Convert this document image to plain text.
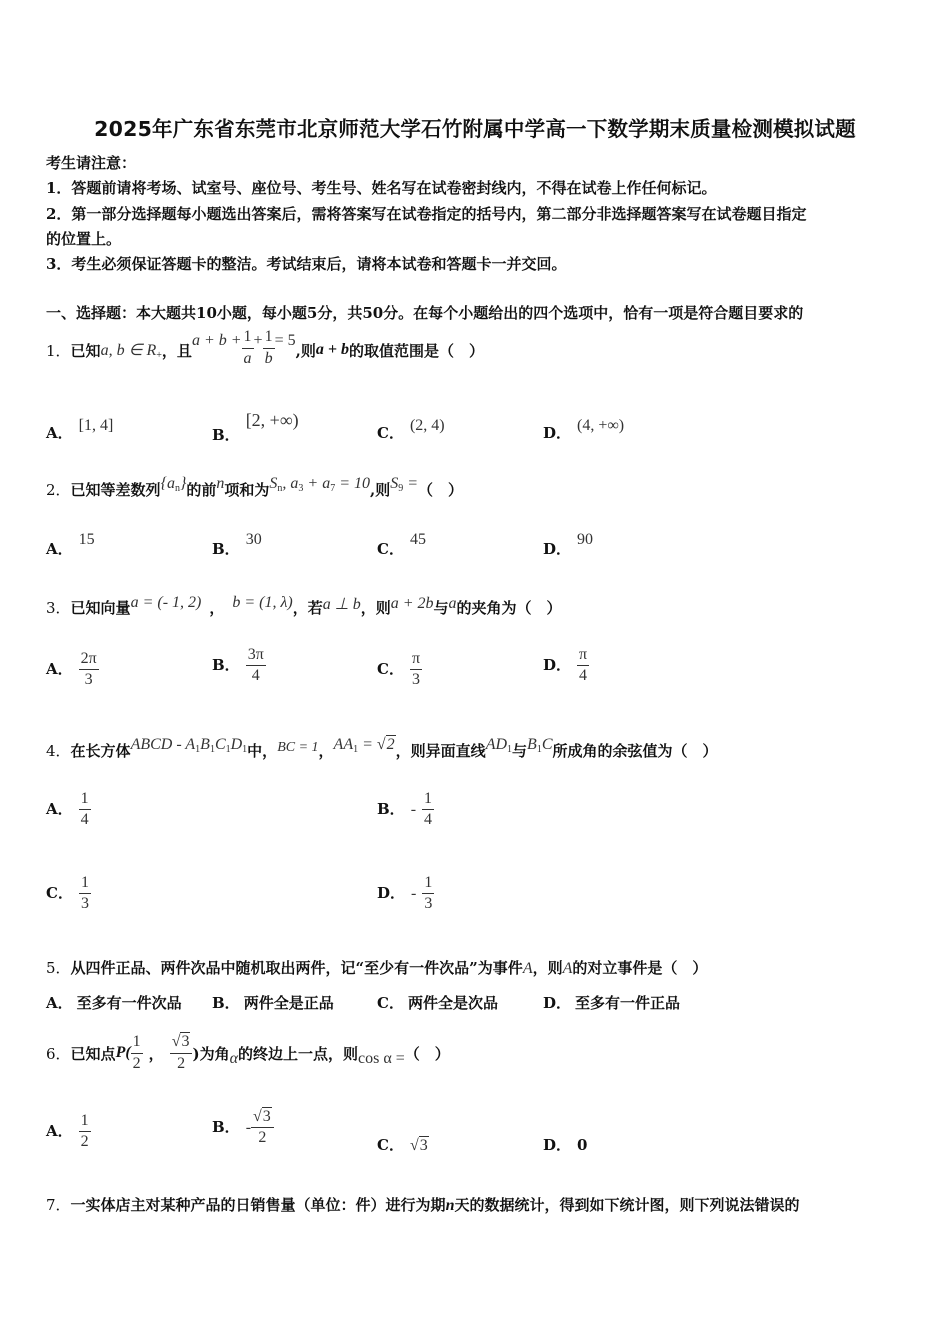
2025年广东省东莞市北京师范大学石竹附属中学高一下数学期末质量检测模拟试题
考生请注意：
1．答题前请将考场、试室号、座位号、考生号、姓名写在试卷密封线内，不得在试卷上作任何标记。
2．第一部分选择题每小题选出答案后，需将答案写在试卷指定的括号内，第二部分非选择题答案写在试卷题目指定
的位置上。
3．考生必须保证答题卡的整洁。考试结束后，请将本试卷和答题卡一并交回。
一、选择题：本大题共10小题，每小题5分，共50分。在每个小题给出的四个选项中，恰有一项是符合题目要求的
1． 已知 a, b ∈ $R_+$ ，且
$a + b + \frac{1}{a} + \frac{1}{b} = 5$
,则 a + b 的取值范围是（　）
A． [1, 4]
B．[2, +∞)
C． (2, 4)	D． (4, +∞)
2． 已知等差数列 $\{a_n\}$ 的前 n 项和为 $S_n$, $a_3 + a_7 = 10$ ,则 $S_9$ = （　）
A．15
B．30
C．45
D．90
3． 已知向量 a = (- 1, 2) ， b = (1, λ) ，若 a ⊥ b ，则 a + 2b 与 a 的夹角为（　）
A． $\frac{2\pi}{3}$	B． $\frac{3\pi}{4}$	C． $\frac{\pi}{3}$	D． $\frac{\pi}{4}$
4． 在长方体 ABCD - $A_1B_1C_1D_1$ 中， BC = 1 ， $AA_1 = √2$ ，则异面直线 $AD_1$ 与 $B_1C$ 所成角的余弦值为（　）
A． $\frac{1}{4}$	B． - $\frac{1}{4}$
C． $\frac{1}{3}$	D． - $\frac{1}{3}$
5．从四件正品、两件次品中随机取出两件，记“至少有一件次品”为事件A，则A的对立事件是（　）
A． 至多有一件次品 B． 两件全是正品	C． 两件全是次品	D． 至多有一件正品
6． 已知点 $P( \frac{1}{2}$ ， $\frac{√3}{2}$ )为角 α 的终边上一点，则 cos α = （　）
A． $\frac{1}{2}$	B． - $\frac{√3}{2}$	C． √3	D． 0
7．一实体店主对某种产品的日销售量（单位：件）进行为期n天的数据统计，得到如下统计图，则下列说法错误的
